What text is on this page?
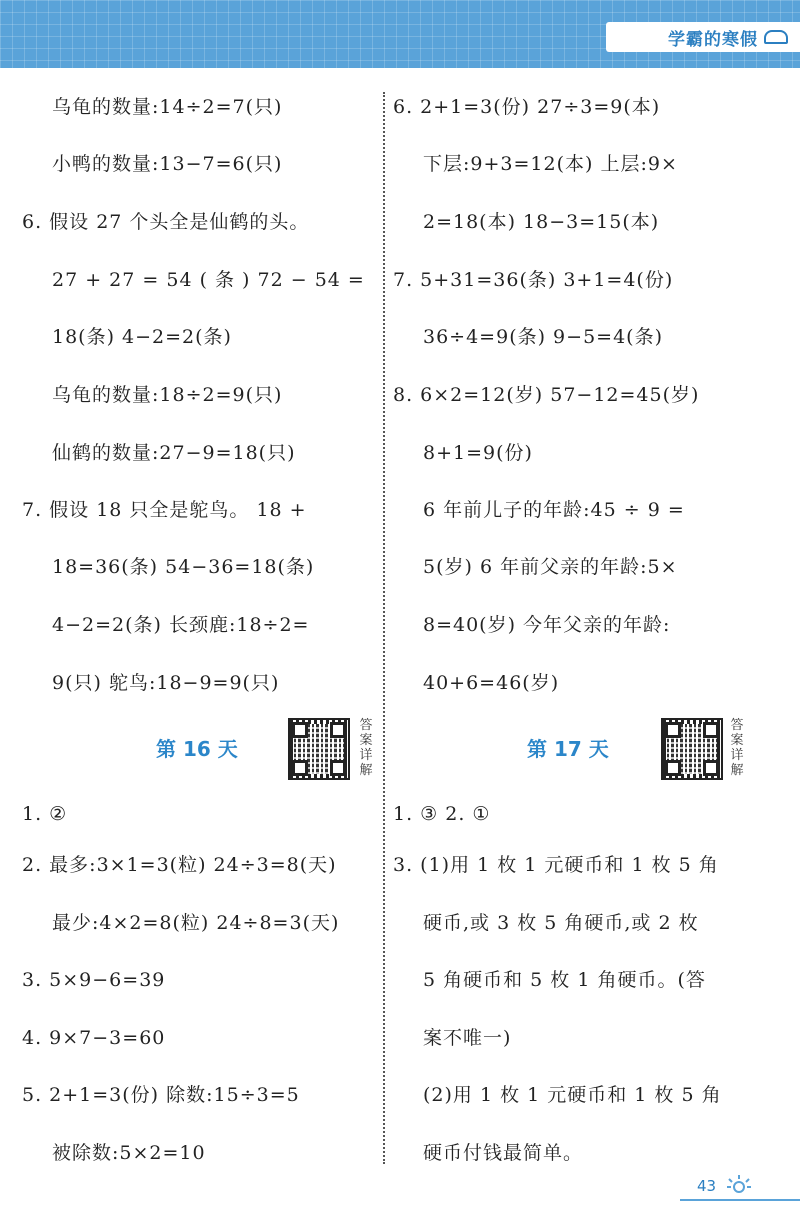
学霸的寒假
乌龟的数量:14÷2=7(只)
小鸭的数量:13−7=6(只)
6. 假设 27 个头全是仙鹤的头。
27 + 27 = 54 ( 条 ) 72 − 54 =
18(条) 4−2=2(条)
乌龟的数量:18÷2=9(只)
仙鹤的数量:27−9=18(只)
7. 假设 18 只全是鸵鸟。 18 +
18=36(条) 54−36=18(条)
4−2=2(条) 长颈鹿:18÷2=
9(只) 鸵鸟:18−9=9(只)
第 16 天
答案详解
1. ②
2. 最多:3×1=3(粒) 24÷3=8(天)
最少:4×2=8(粒) 24÷8=3(天)
3. 5×9−6=39
4. 9×7−3=60
5. 2+1=3(份) 除数:15÷3=5
被除数:5×2=10
6. 2+1=3(份) 27÷3=9(本)
下层:9+3=12(本) 上层:9×
2=18(本) 18−3=15(本)
7. 5+31=36(条) 3+1=4(份)
36÷4=9(条) 9−5=4(条)
8. 6×2=12(岁) 57−12=45(岁)
8+1=9(份)
6 年前儿子的年龄:45 ÷ 9 =
5(岁) 6 年前父亲的年龄:5×
8=40(岁) 今年父亲的年龄:
40+6=46(岁)
第 17 天
答案详解
1. ③ 2. ①
3. (1)用 1 枚 1 元硬币和 1 枚 5 角
硬币,或 3 枚 5 角硬币,或 2 枚
5 角硬币和 5 枚 1 角硬币。(答
案不唯一)
(2)用 1 枚 1 元硬币和 1 枚 5 角
硬币付钱最简单。
43
